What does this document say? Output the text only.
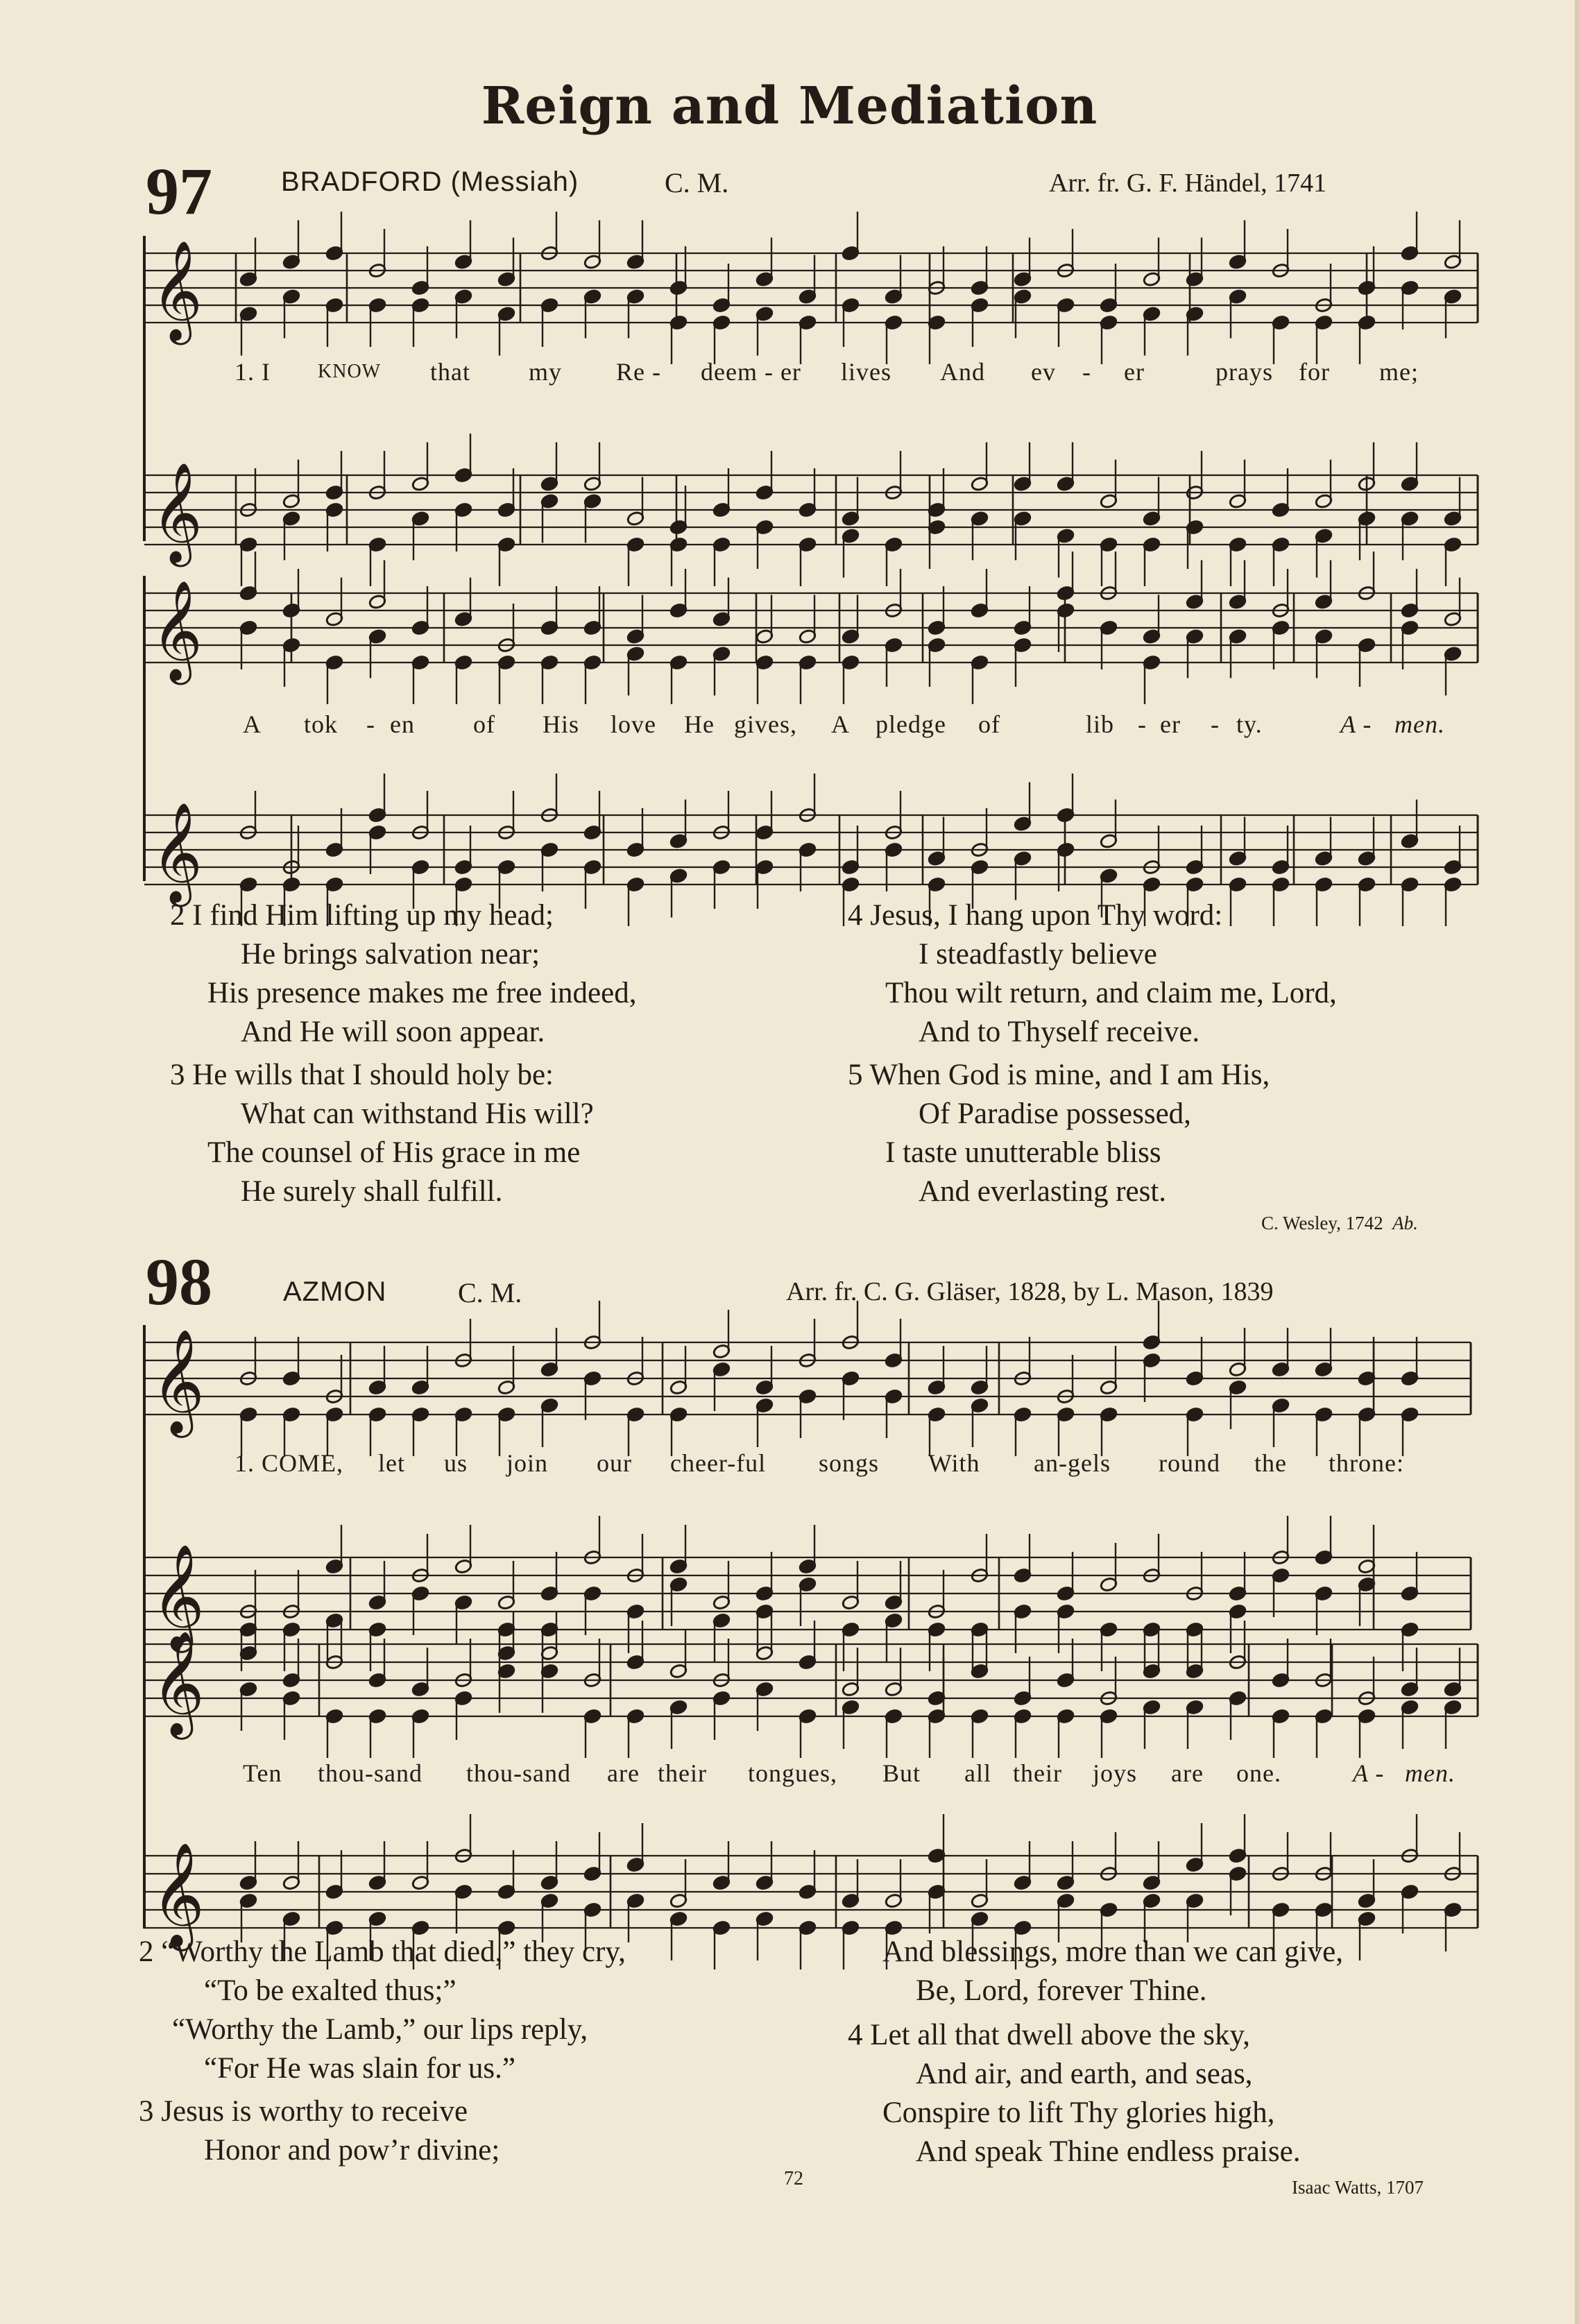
Reign and Mediation
97 BRADFORD (Messiah)	C. M.	Arr. fr. G. F. Händel, 1741
𝄞
𝄞
𝄞
𝄞
𝄞
𝄞
𝄞
𝄞
1. I KNOW that my Re - deem - er lives And ev - er	prays for me;
A tok - en of His love He gives, A pledge of	lib - er - ty.	A - men.
2 I find Him lifting up my head;
He brings salvation near;
His presence makes me free indeed,
And He will soon appear.
3 He wills that I should holy be:
What can withstand His will?
The counsel of His grace in me
He surely shall fulfill.
4 Jesus, I hang upon Thy word:
I steadfastly believe
Thou wilt return, and claim me, Lord,
And to Thyself receive.
5 When God is mine, and I am His,
Of Paradise possessed,
I taste unutterable bliss
And everlasting rest.
C. Wesley, 1742 Ab.
98	AZMON	C. M.	Arr. fr. C. G. Gläser, 1828, by L. Mason, 1839
1. COME, let us join our cheer-ful songs With an-gels round the throne:
Ten thou-sand thou-sand are their tongues, But all their joys are one.	A - men.
2 “Worthy the Lamb that died,” they cry,
“To be exalted thus;”
“Worthy the Lamb,” our lips reply,
“For He was slain for us.”
3 Jesus is worthy to receive
Honor and pow’r divine;
And blessings, more than we can give,
Be, Lord, forever Thine.
4 Let all that dwell above the sky,
And air, and earth, and seas,
Conspire to lift Thy glories high,
And speak Thine endless praise.
72	Isaac Watts, 1707
